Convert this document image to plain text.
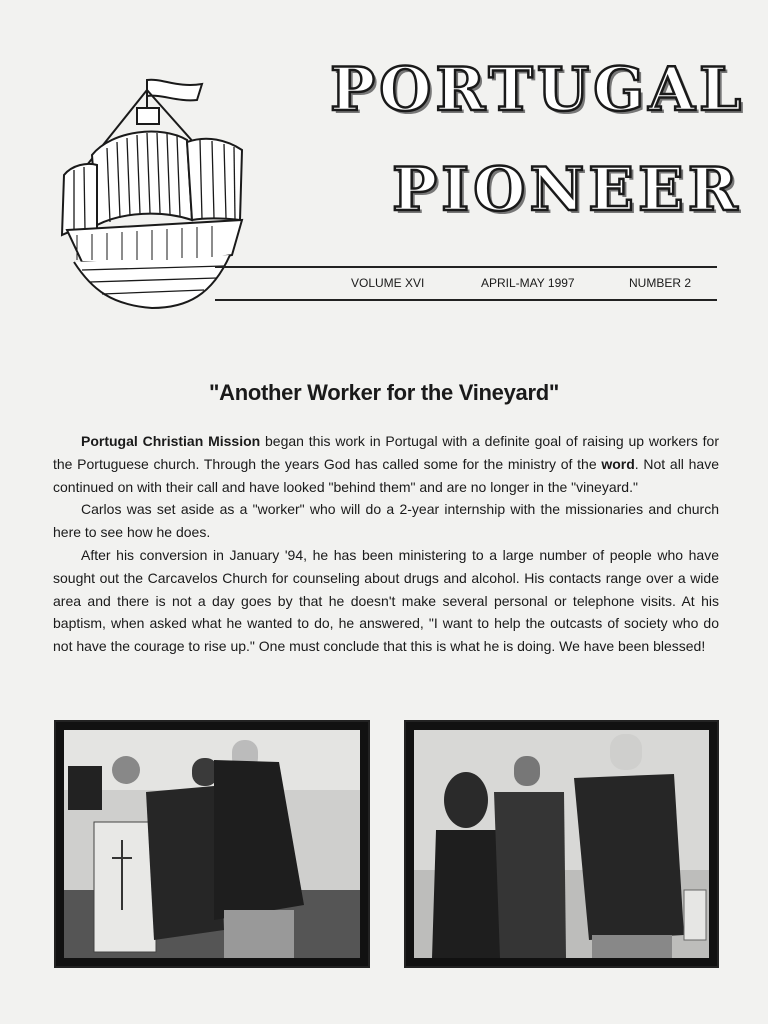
PORTUGAL
PIONEER
VOLUME XVI	APRIL-MAY 1997	NUMBER 2
"Another Worker for the Vineyard"

Portugal Christian Mission began this work in Portugal with a definite goal of raising up workers for the Portuguese church. Through the years God has called some for the ministry of the word. Not all have continued on with their call and have looked "behind them" and are no longer in the "vineyard."

Carlos was set aside as a "worker" who will do a 2-year internship with the missionaries and church here to see how he does.

After his conversion in January '94, he has been ministering to a large number of people who have sought out the Carcavelos Church for counseling about drugs and alcohol. His contacts range over a wide area and there is not a day goes by that he doesn't make several personal or telephone visits. At his baptism, when asked what he wanted to do, he answered, "I want to help the outcasts of society who do not have the courage to rise up." One must conclude that this is what he is doing. We have been blessed!
